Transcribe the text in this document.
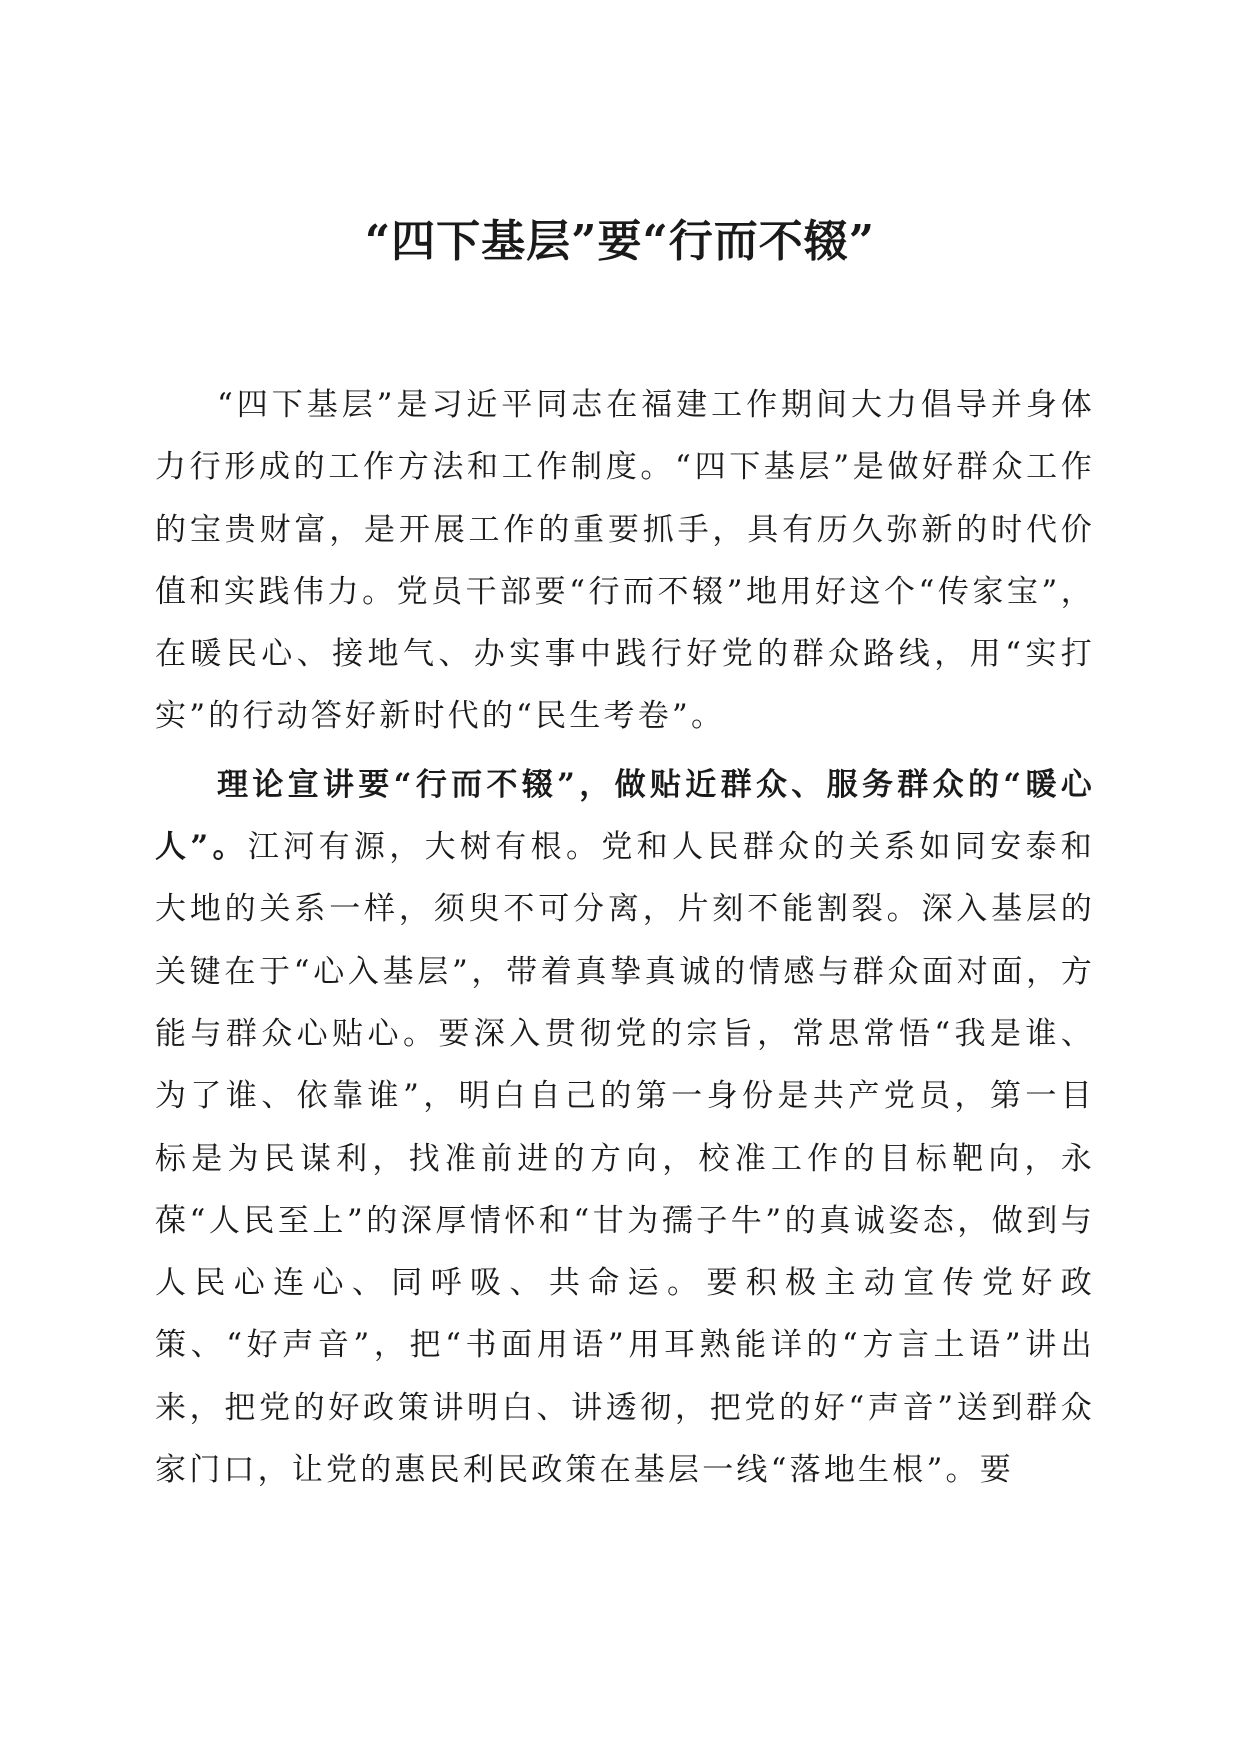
“四下基层”要“行而不辍”

“四下基层”是习近平同志在福建工作期间大力倡导并身体力行形成的工作方法和工作制度。“四下基层”是做好群众工作的宝贵财富，是开展工作的重要抓手，具有历久弥新的时代价值和实践伟力。党员干部要“行而不辍”地用好这个“传家宝”，在暖民心、接地气、办实事中践行好党的群众路线，用“实打实”的行动答好新时代的“民生考卷”。

理论宣讲要“行而不辍”，做贴近群众、服务群众的“暖心人”。江河有源，大树有根。党和人民群众的关系如同安泰和大地的关系一样，须臾不可分离，片刻不能割裂。深入基层的关键在于“心入基层”，带着真挚真诚的情感与群众面对面，方能与群众心贴心。要深入贯彻党的宗旨，常思常悟“我是谁、为了谁、依靠谁”，明白自己的第一身份是共产党员，第一目标是为民谋利，找准前进的方向，校准工作的目标靶向，永葆“人民至上”的深厚情怀和“甘为孺子牛”的真诚姿态，做到与人民心连心、同呼吸、共命运。要积极主动宣传党好政策、“好声音”，把“书面用语”用耳熟能详的“方言土语”讲出来，把党的好政策讲明白、讲透彻，把党的好“声音”送到群众家门口，让党的惠民利民政策在基层一线“落地生根”。要
